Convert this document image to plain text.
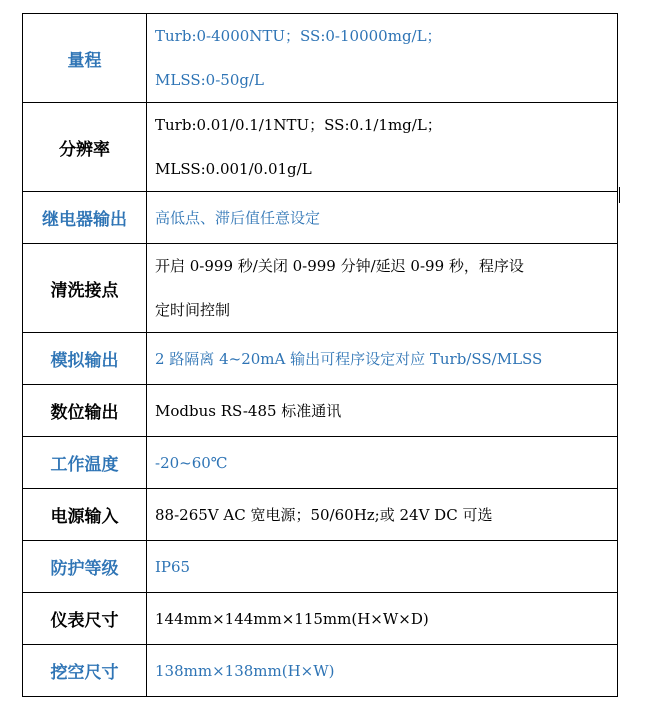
量程	Turb:0-4000NTU；SS:0-10000mg/L；
MLSS:0-50g/L

分辨率	Turb:0.01/0.1/1NTU；SS:0.1/1mg/L；
MLSS:0.001/0.01g/L

继电器输出	高低点、滞后值任意设定

清洗接点	开启 0-999 秒/关闭 0-999 分钟/延迟 0-99 秒，程序设
定时间控制

模拟输出	2 路隔离 4~20mA 输出可程序设定对应 Turb/SS/MLSS

数位输出	Modbus RS-485 标准通讯

工作温度	-20~60℃

电源输入	88-265V AC 宽电源；50/60Hz;或 24V DC 可选

防护等级	IP65

仪表尺寸	144mm×144mm×115mm(H×W×D)

挖空尺寸	138mm×138mm(H×W)
